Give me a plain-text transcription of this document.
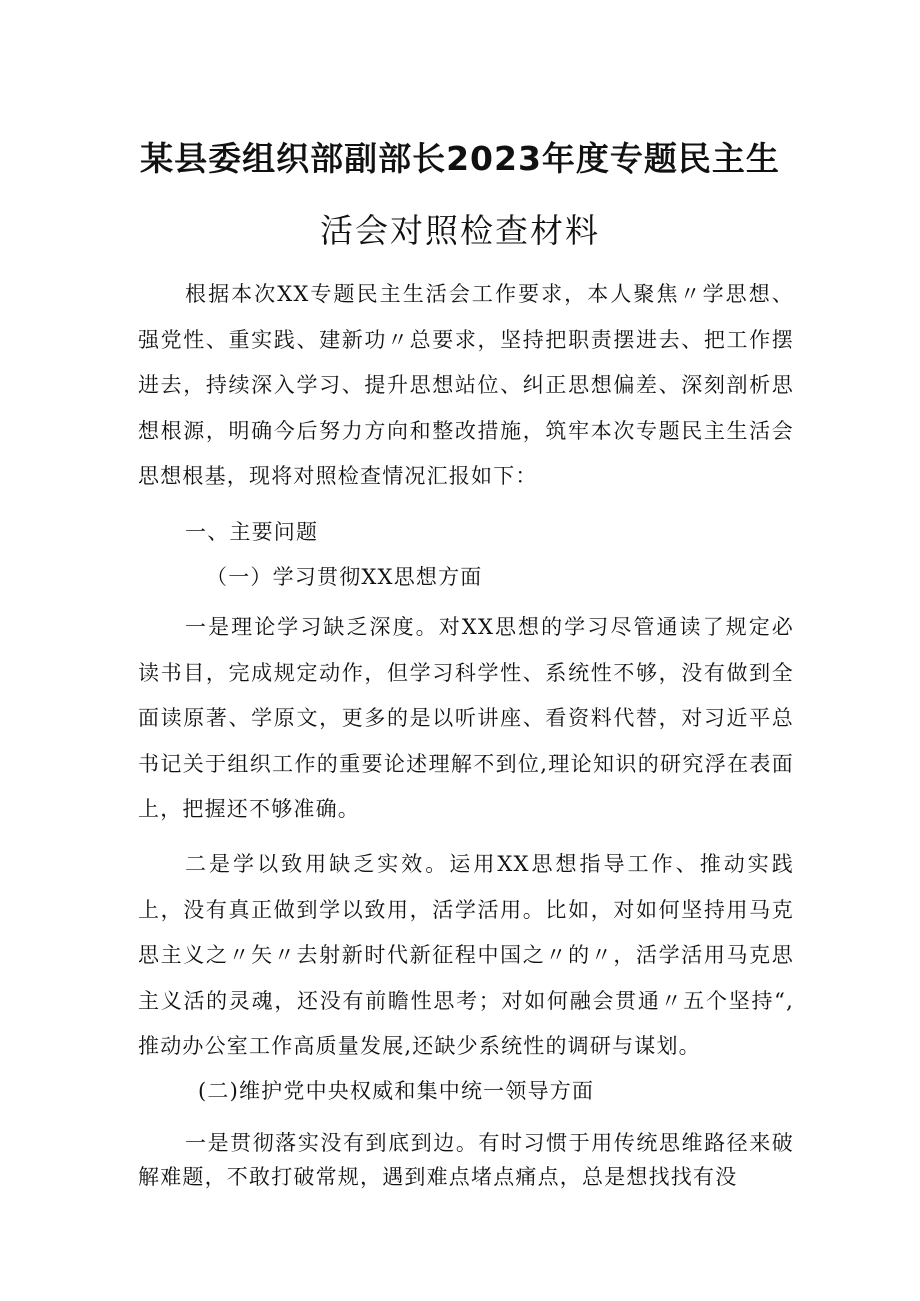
某县委组织部副部长2023年度专题民主生
活会对照检查材料

根据本次XX专题民主生活会工作要求，本人聚焦〃学思想、强党性、重实践、建新功〃总要求，坚持把职责摆进去、把工作摆进去，持续深入学习、提升思想站位、纠正思想偏差、深刻剖析思想根源，明确今后努力方向和整改措施，筑牢本次专题民主生活会思想根基，现将对照检查情况汇报如下：

一、主要问题

（一）学习贯彻XX思想方面

一是理论学习缺乏深度。对XX思想的学习尽管通读了规定必读书目，完成规定动作，但学习科学性、系统性不够，没有做到全面读原著、学原文，更多的是以听讲座、看资料代替，对习近平总书记关于组织工作的重要论述理解不到位,理论知识的研究浮在表面上，把握还不够准确。

二是学以致用缺乏实效。运用XX思想指导工作、推动实践上，没有真正做到学以致用，活学活用。比如，对如何坚持用马克思主义之〃矢〃去射新时代新征程中国之〃的〃，活学活用马克思主义活的灵魂，还没有前瞻性思考；对如何融会贯通〃五个坚持“,推动办公室工作高质量发展,还缺少系统性的调研与谋划。

(二)维护党中央权威和集中统一领导方面

一是贯彻落实没有到底到边。有时习惯于用传统思维路径来破解难题，不敢打破常规，遇到难点堵点痛点，总是想找找有没
